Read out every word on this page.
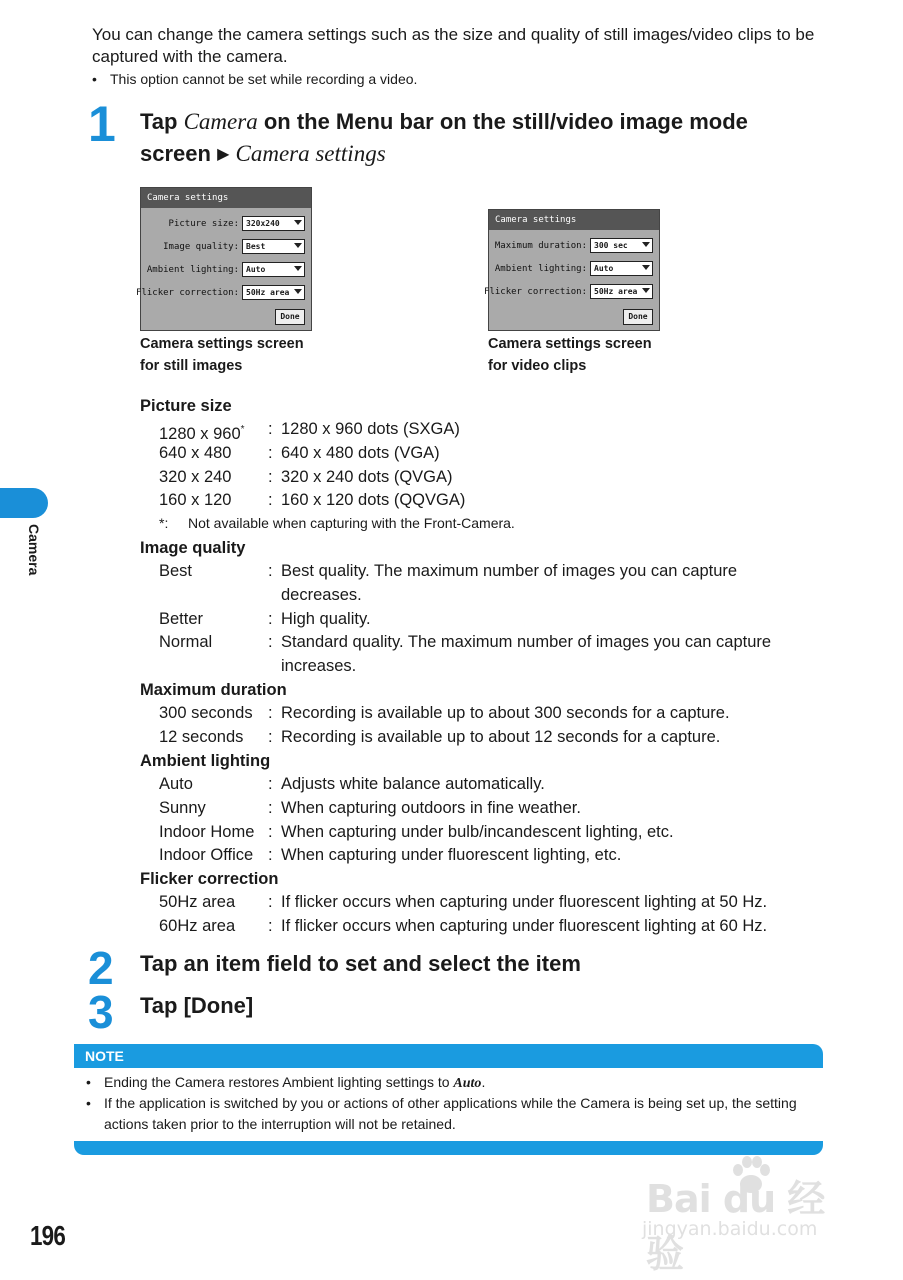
You can change the camera settings such as the size and quality of still images/video clips to be captured with the camera.

• This option cannot be set while recording a video.

1 Tap Camera on the Menu bar on the still/video image mode screen ▶ Camera settings
Camera settings
Picture size: 320x240
Image quality: Best
Ambient lighting: Auto
Flicker correction: 50Hz area
Done
Camera settings screen
for still images
Camera settings
Maximum duration: 300 sec
Ambient lighting: Auto
Flicker correction: 50Hz area
Done
Camera settings screen
for video clips
Picture size
1280 x 960* : 1280 x 960 dots (SXGA)
640 x 480 : 640 x 480 dots (VGA)
320 x 240 : 320 x 240 dots (QVGA)
160 x 120 : 160 x 120 dots (QQVGA)
*: Not available when capturing with the Front-Camera.
Image quality
Best	: Best quality. The maximum number of images you can capture decreases.
Better	: High quality.
Normal	: Standard quality. The maximum number of images you can capture increases.
Maximum duration
300 seconds : Recording is available up to about 300 seconds for a capture.
12 seconds : Recording is available up to about 12 seconds for a capture.
Ambient lighting
Auto	: Adjusts white balance automatically.
Sunny	: When capturing outdoors in fine weather.
Indoor Home : When capturing under bulb/incandescent lighting, etc.
Indoor Office : When capturing under fluorescent lighting, etc.
Flicker correction
50Hz area : If flicker occurs when capturing under fluorescent lighting at 50 Hz.
60Hz area : If flicker occurs when capturing under fluorescent lighting at 60 Hz.
2 Tap an item field to set and select the item
3 Tap [Done]
Camera
NOTE
• Ending the Camera restores Ambient lighting settings to Auto.
• If the application is switched by you or actions of other applications while the Camera is being set up, the setting actions taken prior to the interruption will not be retained.
196
Bai du 经验
jingyan.baidu.com
